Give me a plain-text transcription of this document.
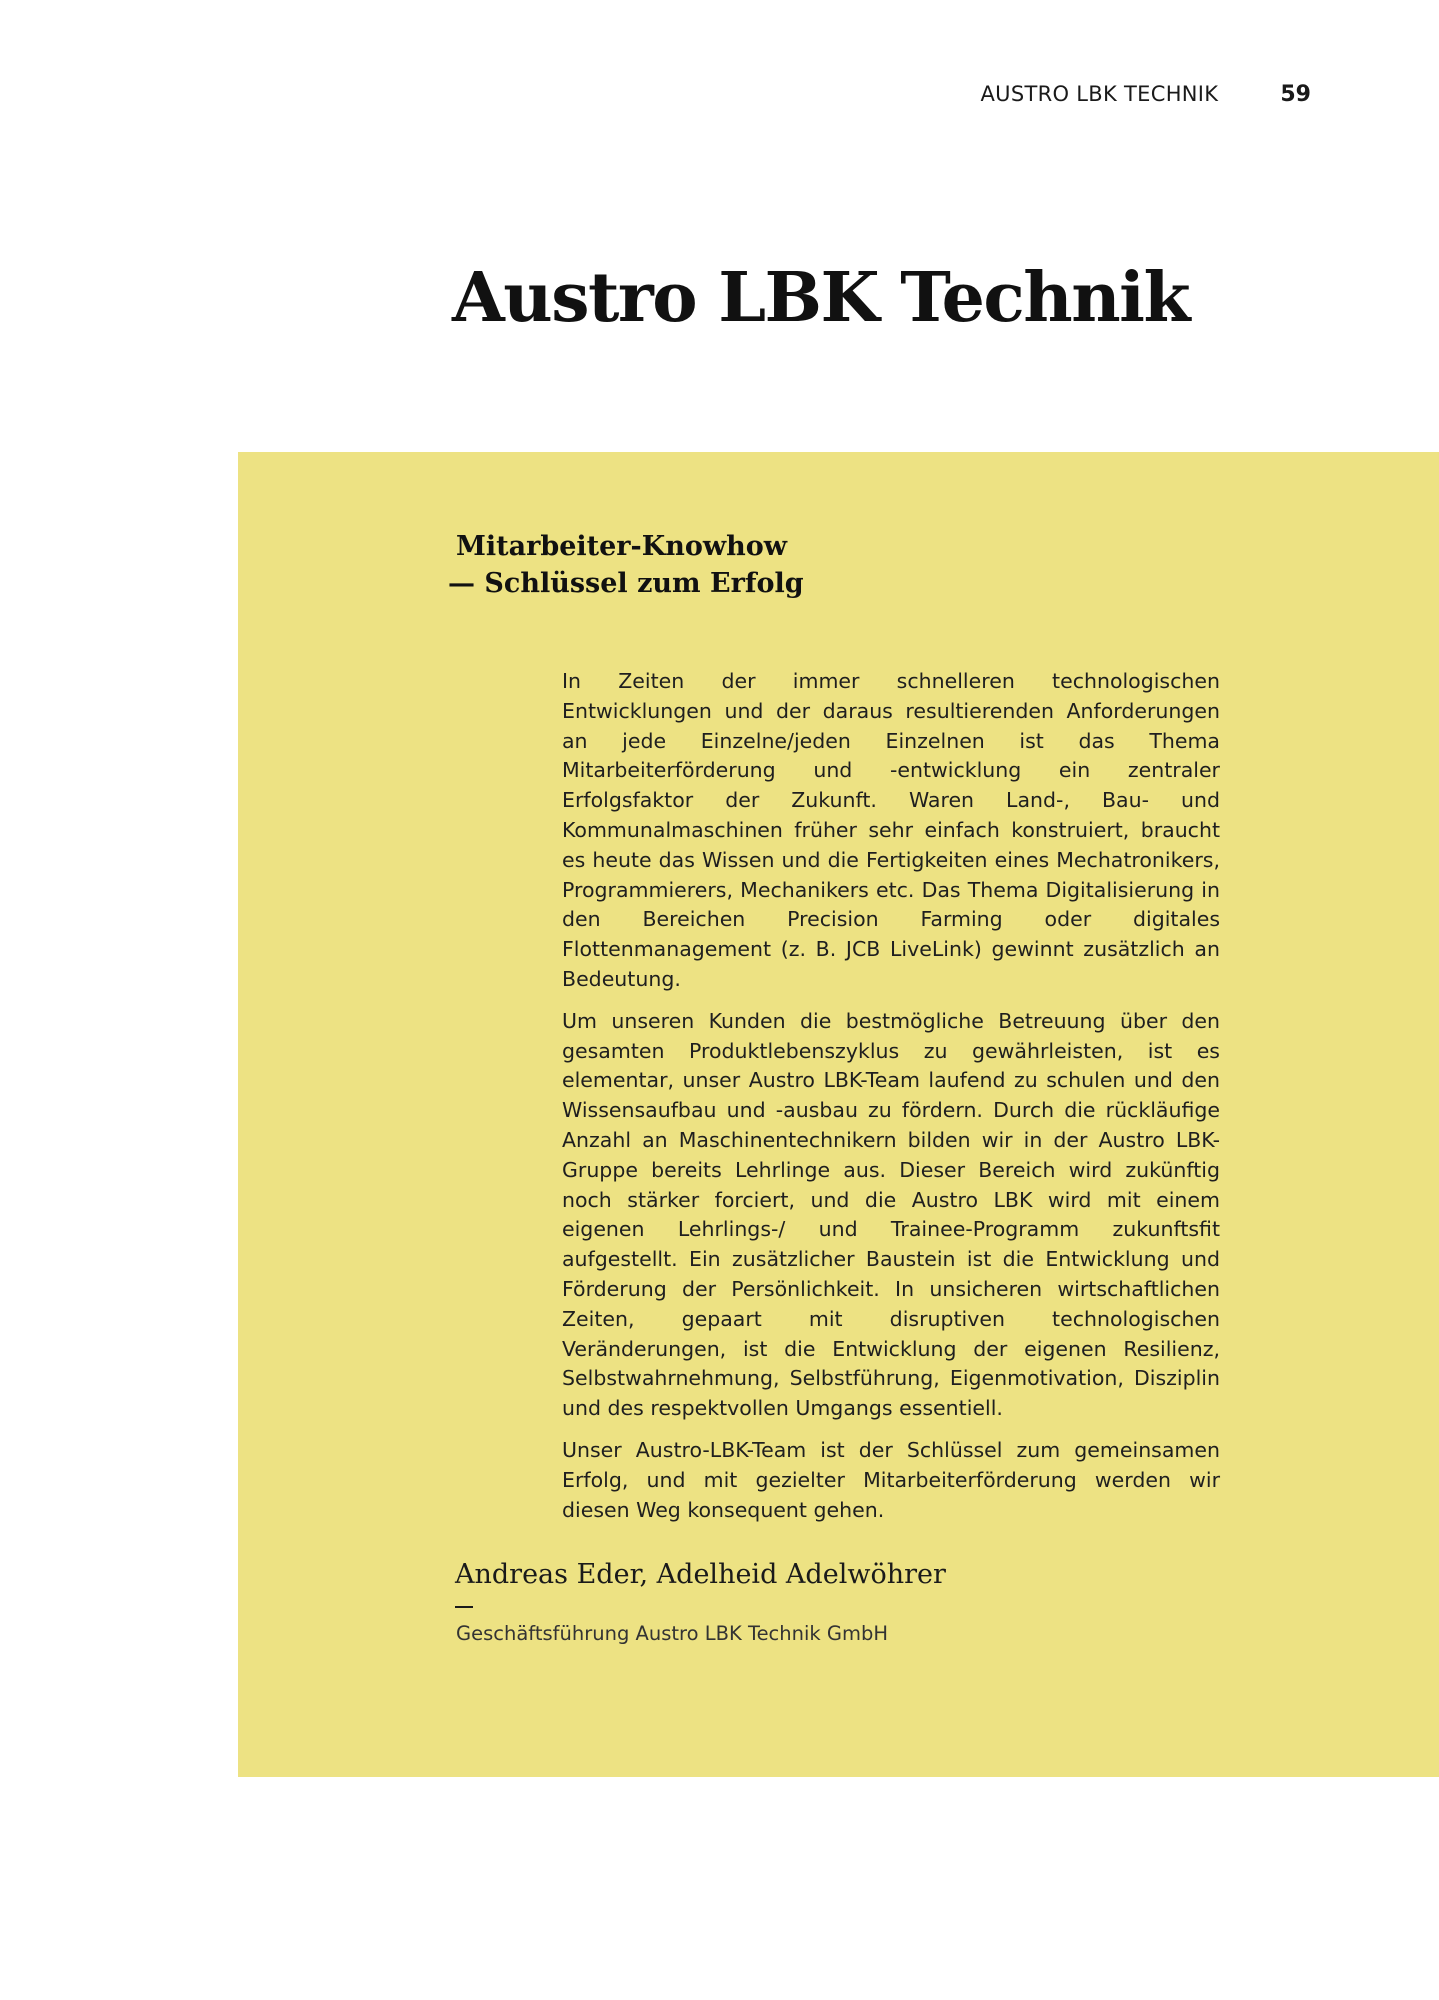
AUSTRO LBK TECHNIK	59
Austro LBK Technik
Mitarbeiter-Knowhow
— Schlüssel zum Erfolg

In Zeiten der immer schnelleren technologischen Entwicklungen und der daraus resultierenden Anforderungen an jede Einzelne/jeden Einzelnen ist das Thema Mitarbeiterförderung und -entwicklung ein zentraler Erfolgsfaktor der Zukunft. Waren Land-, Bau- und Kommunalmaschinen früher sehr einfach konstruiert, braucht es heute das Wissen und die Fertigkeiten eines Mechatronikers, Programmierers, Mechanikers etc. Das Thema Digitalisierung in den Bereichen Precision Farming oder digitales Flottenmanagement (z. B. JCB LiveLink) gewinnt zusätzlich an Bedeutung.

Um unseren Kunden die bestmögliche Betreuung über den gesamten Produktlebenszyklus zu gewährleisten, ist es elementar, unser Austro LBK-Team laufend zu schulen und den Wissensaufbau und -ausbau zu fördern. Durch die rückläufige Anzahl an Maschinentechnikern bilden wir in der Austro LBK-Gruppe bereits Lehrlinge aus. Dieser Bereich wird zukünftig noch stärker forciert, und die Austro LBK wird mit einem eigenen Lehrlings-/ und Trainee-Programm zukunftsfit aufgestellt. Ein zusätzlicher Baustein ist die Entwicklung und Förderung der Persönlichkeit. In unsicheren wirtschaftlichen Zeiten, gepaart mit disruptiven technologischen Veränderungen, ist die Entwicklung der eigenen Resilienz, Selbstwahrnehmung, Selbstführung, Eigenmotivation, Disziplin und des respektvollen Umgangs essentiell.

Unser Austro-LBK-Team ist der Schlüssel zum gemeinsamen Erfolg, und mit gezielter Mitarbeiterförderung werden wir diesen Weg konsequent gehen.

Andreas Eder, Adelheid Adelwöhrer
Geschäftsführung Austro LBK Technik GmbH
